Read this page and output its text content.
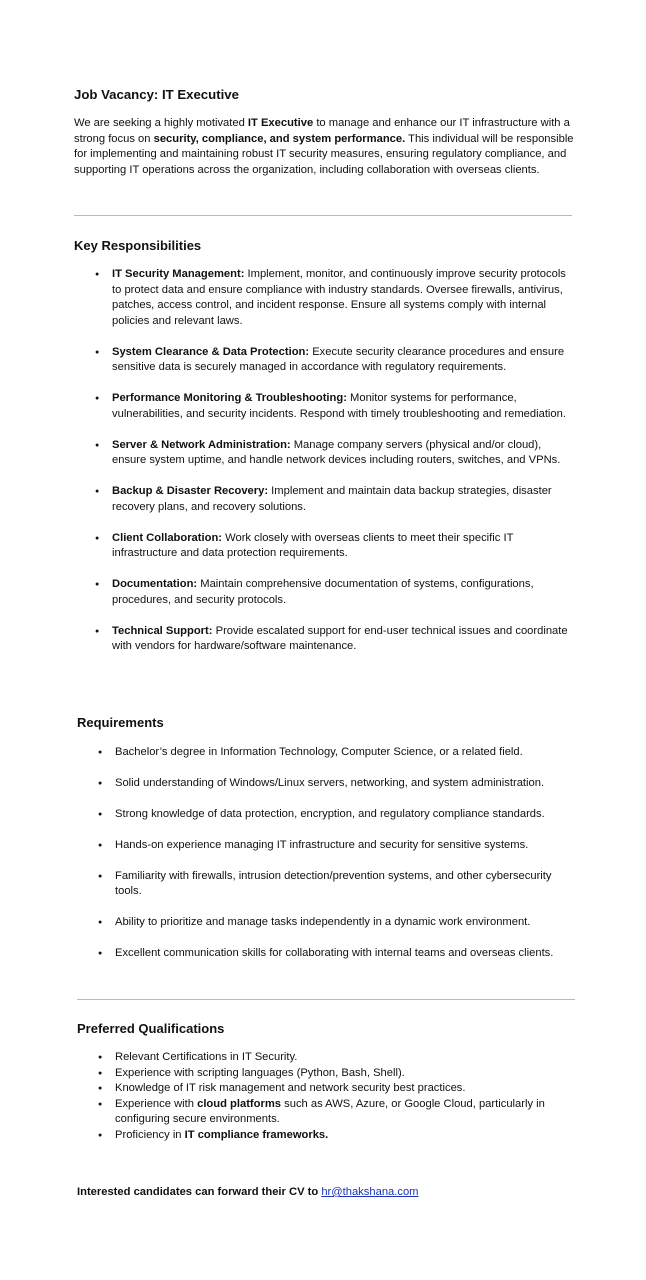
Job Vacancy: IT Executive

We are seeking a highly motivated IT Executive to manage and enhance our IT infrastructure with a strong focus on security, compliance, and system performance. This individual will be responsible for implementing and maintaining robust IT security measures, ensuring regulatory compliance, and supporting IT operations across the organization, including collaboration with overseas clients.

Key Responsibilities
● IT Security Management: Implement, monitor, and continuously improve security protocols to protect data and ensure compliance with industry standards. Oversee firewalls, antivirus, patches, access control, and incident response. Ensure all systems comply with internal policies and relevant laws.
● System Clearance & Data Protection: Execute security clearance procedures and ensure sensitive data is securely managed in accordance with regulatory requirements.
● Performance Monitoring & Troubleshooting: Monitor systems for performance, vulnerabilities, and security incidents. Respond with timely troubleshooting and remediation.
● Server & Network Administration: Manage company servers (physical and/or cloud), ensure system uptime, and handle network devices including routers, switches, and VPNs.
● Backup & Disaster Recovery: Implement and maintain data backup strategies, disaster recovery plans, and recovery solutions.
● Client Collaboration: Work closely with overseas clients to meet their specific IT infrastructure and data protection requirements.
● Documentation: Maintain comprehensive documentation of systems, configurations, procedures, and security protocols.
● Technical Support: Provide escalated support for end-user technical issues and coordinate with vendors for hardware/software maintenance.
Requirements
● Bachelor’s degree in Information Technology, Computer Science, or a related field.
● Solid understanding of Windows/Linux servers, networking, and system administration.
● Strong knowledge of data protection, encryption, and regulatory compliance standards.
● Hands-on experience managing IT infrastructure and security for sensitive systems.
● Familiarity with firewalls, intrusion detection/prevention systems, and other cybersecurity tools.
● Ability to prioritize and manage tasks independently in a dynamic work environment.
● Excellent communication skills for collaborating with internal teams and overseas clients.
Preferred Qualifications
● Relevant Certifications in IT Security.
● Experience with scripting languages (Python, Bash, Shell).
● Knowledge of IT risk management and network security best practices.
● Experience with cloud platforms such as AWS, Azure, or Google Cloud, particularly in configuring secure environments.
● Proficiency in IT compliance frameworks.

Interested candidates can forward their CV to hr@thakshana.com
